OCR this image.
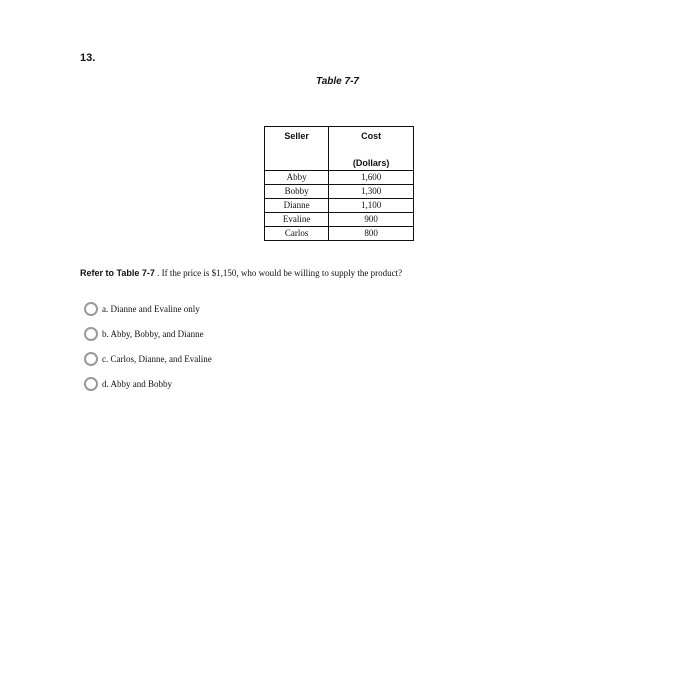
13.
Table 7-7
Seller	Cost
(Dollars)

Abby	1,600
Bobby	1,300
Dianne	1,100
Evaline	900
Carlos	800
Refer to Table 7-7 . If the price is $1,150, who would be willing to supply the product?
a. Dianne and Evaline only
b. Abby, Bobby, and Dianne
c. Carlos, Dianne, and Evaline
d. Abby and Bobby
